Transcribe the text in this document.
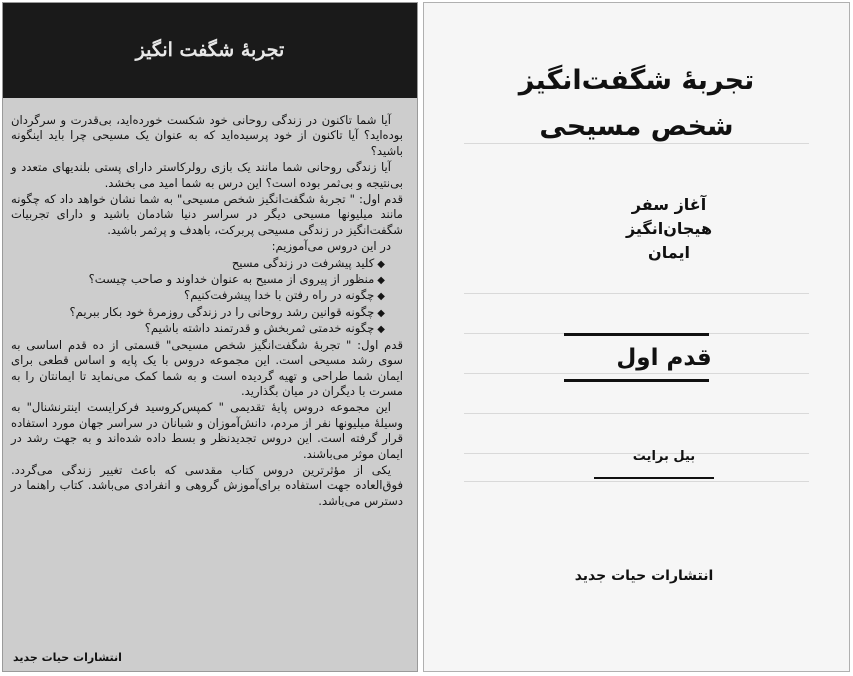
تجربهٔ شگفت انگیز

آیا شما تاکنون در زندگی روحانی خود شکست خورده‌اید، بی‌قدرت و سرگردان بوده‌اید؟ آیا تاکنون از خود پرسیده‌اید که به عنوان یک مسیحی چرا باید اینگونه باشید؟

آیا زندگی روحانی شما مانند یک بازی رولرکاستر دارای پستی بلندیهای متعدد و بی‌نتیجه و بی‌ثمر بوده است؟ این درس به شما امید می بخشد.

قدم اول: " تجربهٔ شگفت‌انگیز شخص مسیحی" به شما نشان خواهد داد که چگونه مانند میلیونها مسیحی دیگر در سراسر دنیا شادمان باشید و دارای تجربیات شگفت‌انگیز در زندگی مسیحی پربرکت، باهدف و پرثمر باشید.

در این دروس می‌آموزیم:

◆کلید پیشرفت در زندگی مسیح
◆منظور از پیروی از مسیح به عنوان خداوند و صاحب چیست؟
◆چگونه در راه رفتن با خدا پیشرفت‌کنیم؟
◆چگونه قوانین رشد روحانی را در زندگی روزمرهٔ خود بکار ببریم؟
◆چگونه خدمتی ثمربخش و قدرتمند داشته باشیم؟

قدم اول: " تجربهٔ شگفت‌انگیز شخص مسیحی" قسمتی از ده قدم اساسی به سوی رشد مسیحی است. این مجموعه دروس با یک پایه و اساس قطعی برای ایمان شما طراحی و تهیه گردیده است و به شما کمک می‌نماید تا ایمانتان را به مسرت با دیگران در میان بگذارید.

این مجموعه دروس پایهٔ تقدیمی " کمپس‌کروسید فرکرایست اینترنشنال" به وسیلهٔ میلیونها نفر از مردم، دانش‌آموزان و شبانان در سراسر جهان مورد استفاده قرار گرفته است. این دروس تجدیدنظر و بسط داده شده‌اند و به جهت رشد در ایمان موثر می‌باشند.

یکی از مؤثرترین دروس کتاب مقدسی که باعث تغییر زندگی می‌گردد. فوق‌العاده جهت استفاده برای‌آموزش گروهی و انفرادی می‌باشد. کتاب راهنما در دسترس می‌باشد.

انتشارات حیات جدید
تجربهٔ شگفت‌انگیز
شخص مسیحی
آغاز سفر
هیجان‌انگیز
ایمان
قدم اول
بیل برایت
انتشارات حیات جدید
